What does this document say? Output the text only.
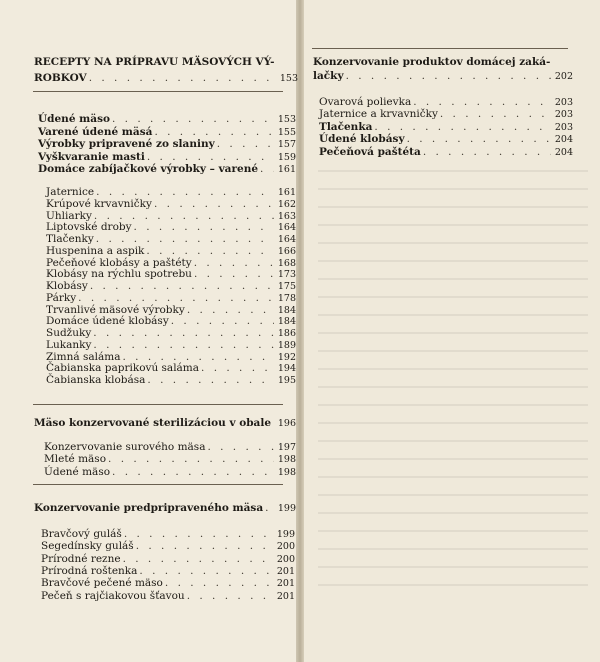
RECEPTY NA PRÍPRAVU MÄSOVÝCH VÝ-
ROBKOV . . .	153
Údené mäso . . .	153
Varené údené mäsá . . .	155
Výrobky pripravené zo slaniny . . .	157
Vyškvaranie masti . . .	159
Domáce zabíjačkové výrobky – varené . . . 161
Jaternice . . .	161
Krúpové krvavničky . . .	162
Uhliarky . . .	163
Liptovské droby . . .	164
Tlačenky . . .	164
Huspenina a aspik . . .	166
Pečeňové klobásy a paštéty . . .	168
Klobásy na rýchlu spotrebu . . .	173
Klobásy . . .	175
Párky . . .	178
Trvanlivé mäsové výrobky . . .	184
Domáce údené klobásy . . .	184
Sudžuky . . .	186
Lukanky . . .	189
Zimná saláma . . .	192
Čabianska paprikovú saláma . . .	194
Čabianska klobása . . .	195
Mäso konzervované sterilizáciou v obale . . . 196
Konzervovanie surového mäsa . . .	197
Mleté mäso . . .	198
Údené mäso . . .	198
Konzervovanie predpripraveného mäsa . . . 199
Bravčový guláš . . .	199
Segedínsky guláš . . .	200
Prírodné rezne . . .	200
Prírodná roštenka . . .	201
Bravčové pečené mäso . . .	201
Pečeň s rajčiakovou šťavou . . .	201
Konzervovanie produktov domácej zaká-
lačky . . .	202
Ovarová polievka . . .	203
Jaternice a krvavničky . . .	203
Tlačenka . . .	203
Údené klobásy . . .	204
Pečeňová paštéta . . .	204
